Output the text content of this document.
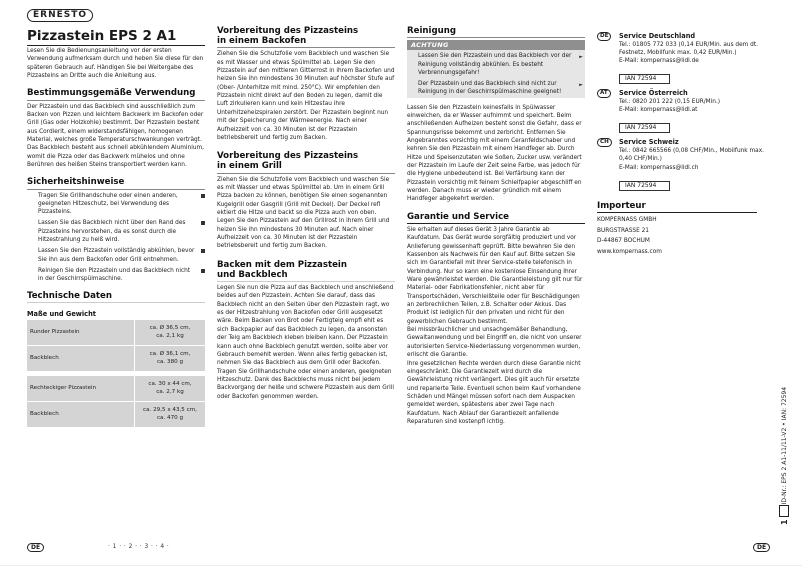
ERNESTO
Pizzastein EPS 2 A1

Lesen Sie die Bedienungsanleitung vor der ersten Verwendung aufmerksam durch und heben Sie diese für den späteren Gebrauch auf. Händigen Sie bei Weitergabe des Pizzasteins an Dritte auch die Anleitung aus.

Bestimmungsgemäße Verwendung

Der Pizzastein und das Backblech sind ausschließlich zum Backen von Pizzen und leichtem Backwerk im Backofen oder Grill (Gas oder Holzkohle) bestimmt. Der Pizzastein besteht aus Cordierit, einem widerstandsfähigen, homogenen Material, welches große Temperaturschwankungen verträgt. Das Backblech besteht aus schnell abkühlendem Aluminium, womit die Pizza oder das Backwerk mühelos und ohne Berühren des heißen Steins transportiert werden kann.

Sicherheitshinweise
Tragen Sie Grillhandschuhe oder einen anderen, geeigneten Hitzeschutz, bei Verwendung des Pizzasteins.
Lassen Sie das Backblech nicht über den Rand des Pizzasteins hervorstehen, da es sonst durch die Hitzestrahlung zu heiß wird.
Lassen Sie den Pizzastein vollständig abkühlen, bevor Sie ihn aus dem Backofen oder Grill entnehmen.
Reinigen Sie den Pizzastein und das Backblech nicht in der Geschirrspülmaschine.
Technische Daten
Maße und Gewicht
Runder Pizzastein	ca. Ø 36,5 cm,
ca. 2,1 kg
Backblech	ca. Ø 36,1 cm,
ca. 380 g
Rechteckiger Pizzastein	ca. 30 x 44 cm,
ca. 2,7 kg
Backblech	ca. 29,5 x 43,5 cm,
ca. 470 g
Vorbereitung des Pizzasteins
in einem Backofen

Ziehen Sie die Schutzfolie vom Backblech und waschen Sie es mit Wasser und etwas Spülmittel ab. Legen Sie den Pizzastein auf den mittleren Gitterrost in ihrem Backofen und heizen Sie ihn mindestens 30 Minuten auf höchster Stufe auf (Ober- /Unterhitze mit mind. 250°C). Wir empfehlen den Pizzastein nicht direkt auf den Boden zu legen, damit die Luft zirkulieren kann und kein Hitzestau ihre Unterhitzeheizspiralen zerstört. Der Pizzastein beginnt nun mit der Speicherung der Wärmeenergie. Nach einer Aufheizzeit von ca. 30 Minuten ist der Pizzastein betriebsbereit und fertig zum Backen.

Vorbereitung des Pizzasteins
in einem Grill

Ziehen Sie die Schutzfolie vom Backblech und waschen Sie es mit Wasser und etwas Spülmittel ab. Um in einem Grill Pizza backen zu können, benötigen Sie einen sogenannten Kugelgrill oder Gasgrill (Grill mit Deckel). Der Deckel refl ektiert die Hitze und backt so die Pizza auch von oben. Legen Sie den Pizzastein auf den Grillrost in ihrem Grill und heizen Sie ihn mindestens 30 Minuten auf. Nach einer Aufheizzeit von ca. 30 Minuten ist der Pizzastein betriebsbereit und fertig zum Backen.

Backen mit dem Pizzastein
und Backblech

Legen Sie nun die Pizza auf das Backblech und anschließend beides auf den Pizzastein. Achten Sie darauf, dass das Backblech nicht an den Seiten über den Pizzastein ragt, wo es der Hitzestrahlung von Backofen oder Grill ausgesetzt wäre. Beim Backen von Brot oder Fertigteig empfi ehlt es sich Backpapier auf das Backblech zu legen, da ansonsten der Teig am Backblech kleben bleiben kann. Der Pizzastein kann auch ohne Backblech genutzt werden, sollte aber vor Gebrauch bemehlt werden. Wenn alles fertig gebacken ist, nehmen Sie das Backblech aus dem Grill oder Backofen. Tragen Sie Grillhandschuhe oder einen anderen, geeigneten Hitzeschutz. Dank des Backblechs muss nicht bei jedem Backvorgang der heiße und schwere Pizzastein aus dem Grill oder Backofen genommen werden.

Reinigung
ACHTUNG
Lassen Sie den Pizzastein und das Backblech vor der Reinigung vollständig abkühlen. Es besteht Verbrennungsgefahr!
►
Der Pizzastein und das Backblech sind nicht zur Reinigung in der Geschirrspülmaschine geeignet!
►

Lassen Sie den Pizzastein keinesfalls in Spülwasser einweichen, da er Wasser aufnimmt und speichert. Beim anschließenden Aufheizen besteht sonst die Gefahr, dass er Spannungsrisse bekommt und zerbricht. Entfernen Sie Angebranntes vorsichtig mit einem Ceranfeldschaber und kehren Sie den Pizzastein mit einem Handfeger ab. Durch Hitze und Speisenzutaten wie Soßen, Zucker usw. verändert der Pizzastein im Laufe der Zeit seine Farbe, was jedoch für die Hygiene unbedeutend ist. Bei Verfärbung kann der Pizzastein vorsichtig mit feinem Schleifpapier abgeschliff en werden. Danach muss er wieder gründlich mit einem Handfeger abgekehrt werden.

Garantie und Service

Sie erhalten auf dieses Gerät 3 Jahre Garantie ab Kaufdatum. Das Gerät wurde sorgfältig produziert und vor Anlieferung gewissenhaft geprüft. Bitte bewahren Sie den Kassenbon als Nachweis für den Kauf auf. Bitte setzen Sie sich im Garantiefall mit Ihrer Service-stelle telefonisch in Verbindung. Nur so kann eine kostenlose Einsendung Ihrer Ware gewährleistet werden. Die Garantieleistung gilt nur für Material- oder Fabrikationsfehler, nicht aber für Transportschäden, Verschleißteile oder für Beschädigungen an zerbrechlichen Teilen, z.B. Schalter oder Akkus. Das Produkt ist lediglich für den privaten und nicht für den gewerblichen Gebrauch bestimmt.

Bei missbräuchlicher und unsachgemäßer Behandlung, Gewaltanwendung und bei Eingriff en, die nicht von unserer autorisierten Service-Niederlassung vorgenommen wurden, erlischt die Garantie.

Ihre gesetzlichen Rechte werden durch diese Garantie nicht eingeschränkt. Die Garantiezeit wird durch die Gewährleistung nicht verlängert. Dies gilt auch für ersetzte und reparierte Teile. Eventuell schon beim Kauf vorhandene Schäden und Mängel müssen sofort nach dem Auspacken gemeldet werden, spätestens aber zwei Tage nach Kaufdatum. Nach Ablauf der Garantiezeit anfallende Reparaturen sind kostenpfl ichtig.

DE	Service Deutschland
Tel.: 01805 772 033 (0,14 EUR/Min. aus dem dt. Festnetz, Mobilfunk max. 0,42 EUR/Min.)
E-Mail: kompernass@lidl.de
IAN 72594
AT	Service Österreich
Tel.: 0820 201 222 (0,15 EUR/Min.)
E-Mail: kompernass@lidl.at
IAN 72594
CH	Service Schweiz
Tel.: 0842 665566 (0,08 CHF/Min., Mobilfunk max. 0,40 CHF/Min.)
E-Mail: kompernass@lidl.ch
IAN 72594
Importeur
KOMPERNASS GMBH
BURGSTRASSE 21
D-44867 BOCHUM
www.kompernass.com
DE	· 1 · · 2 · · 3 · · 4 ·	DE
1
ID-Nr.: EPS 2 A1-11/11-V2 • IAN: 72594
